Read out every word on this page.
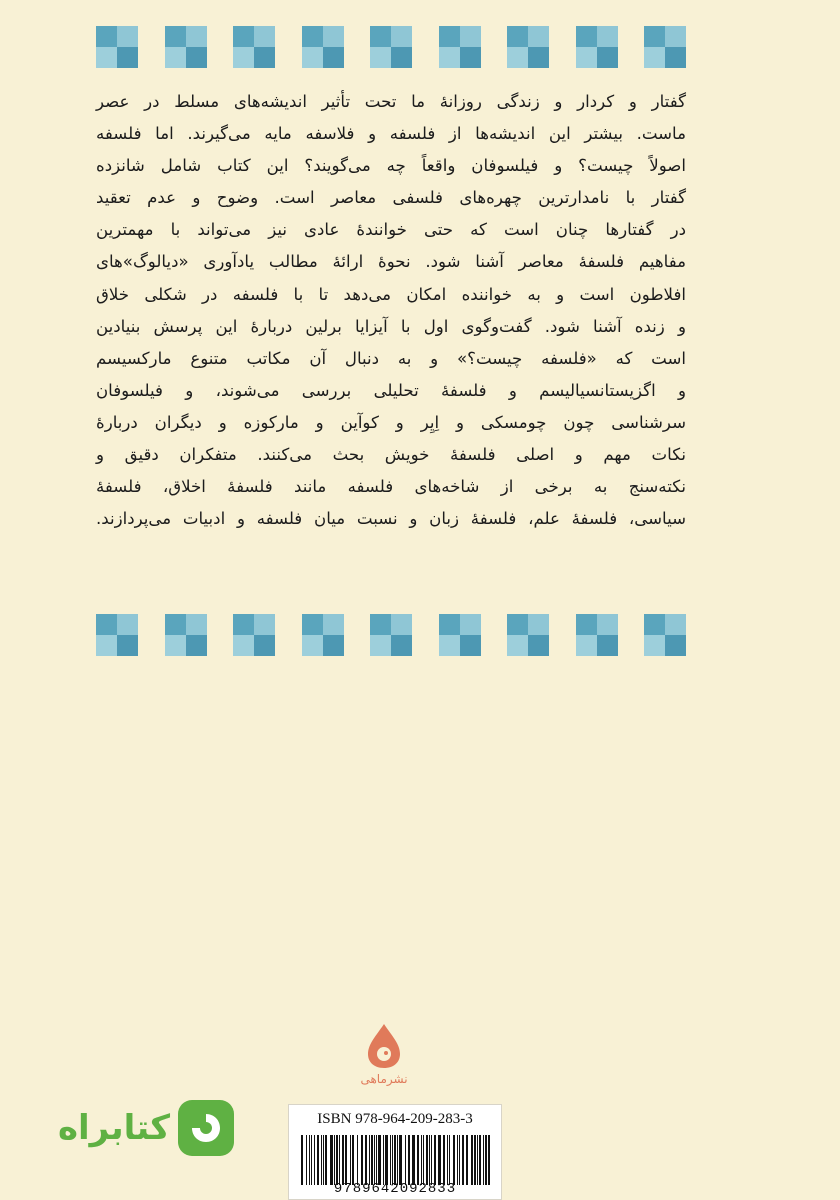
گفتار و کردار و زندگی روزانهٔ ما تحت تأثیر اندیشه‌های مسلط در عصر
ماست. بیشتر این اندیشه‌ها از فلسفه و فلاسفه مایه می‌گیرند. اما فلسفه
اصولاً چیست؟ و فیلسوفان واقعاً چه می‌گویند؟ این کتاب شامل شانزده
گفتار با نامدارترین چهره‌های فلسفی معاصر است. وضوح و عدم تعقید
در گفتارها چنان است که حتی خوانندهٔ عادی نیز می‌تواند با مهمترین
مفاهیم فلسفهٔ معاصر آشنا شود. نحوهٔ ارائهٔ مطالب یادآوری «دیالوگ»های
افلاطون است و به خواننده امکان می‌دهد تا با فلسفه در شکلی خلاق
و زنده آشنا شود. گفت‌وگوی اول با آیزایا برلین دربارهٔ این پرسش بنیادین
است که «فلسفه چیست؟» و به دنبال آن مکاتب متنوع مارکسیسم
و اگزیستانسیالیسم و فلسفهٔ تحلیلی بررسی می‌شوند، و فیلسوفان
سرشناسی چون چومسکی و اِیِر و کوآین و مارکوزه و دیگران دربارهٔ
نکات مهم و اصلی فلسفهٔ خویش بحث می‌کنند. متفکران دقیق و
نکته‌سنج به برخی از شاخه‌های فلسفه مانند فلسفهٔ اخلاق، فلسفهٔ
سیاسی، فلسفهٔ علم، فلسفهٔ زبان و نسبت میان فلسفه و ادبیات می‌پردازند.
نشرماهی
کتابراه	ISBN 978-964-209-283-3
9789642092833
